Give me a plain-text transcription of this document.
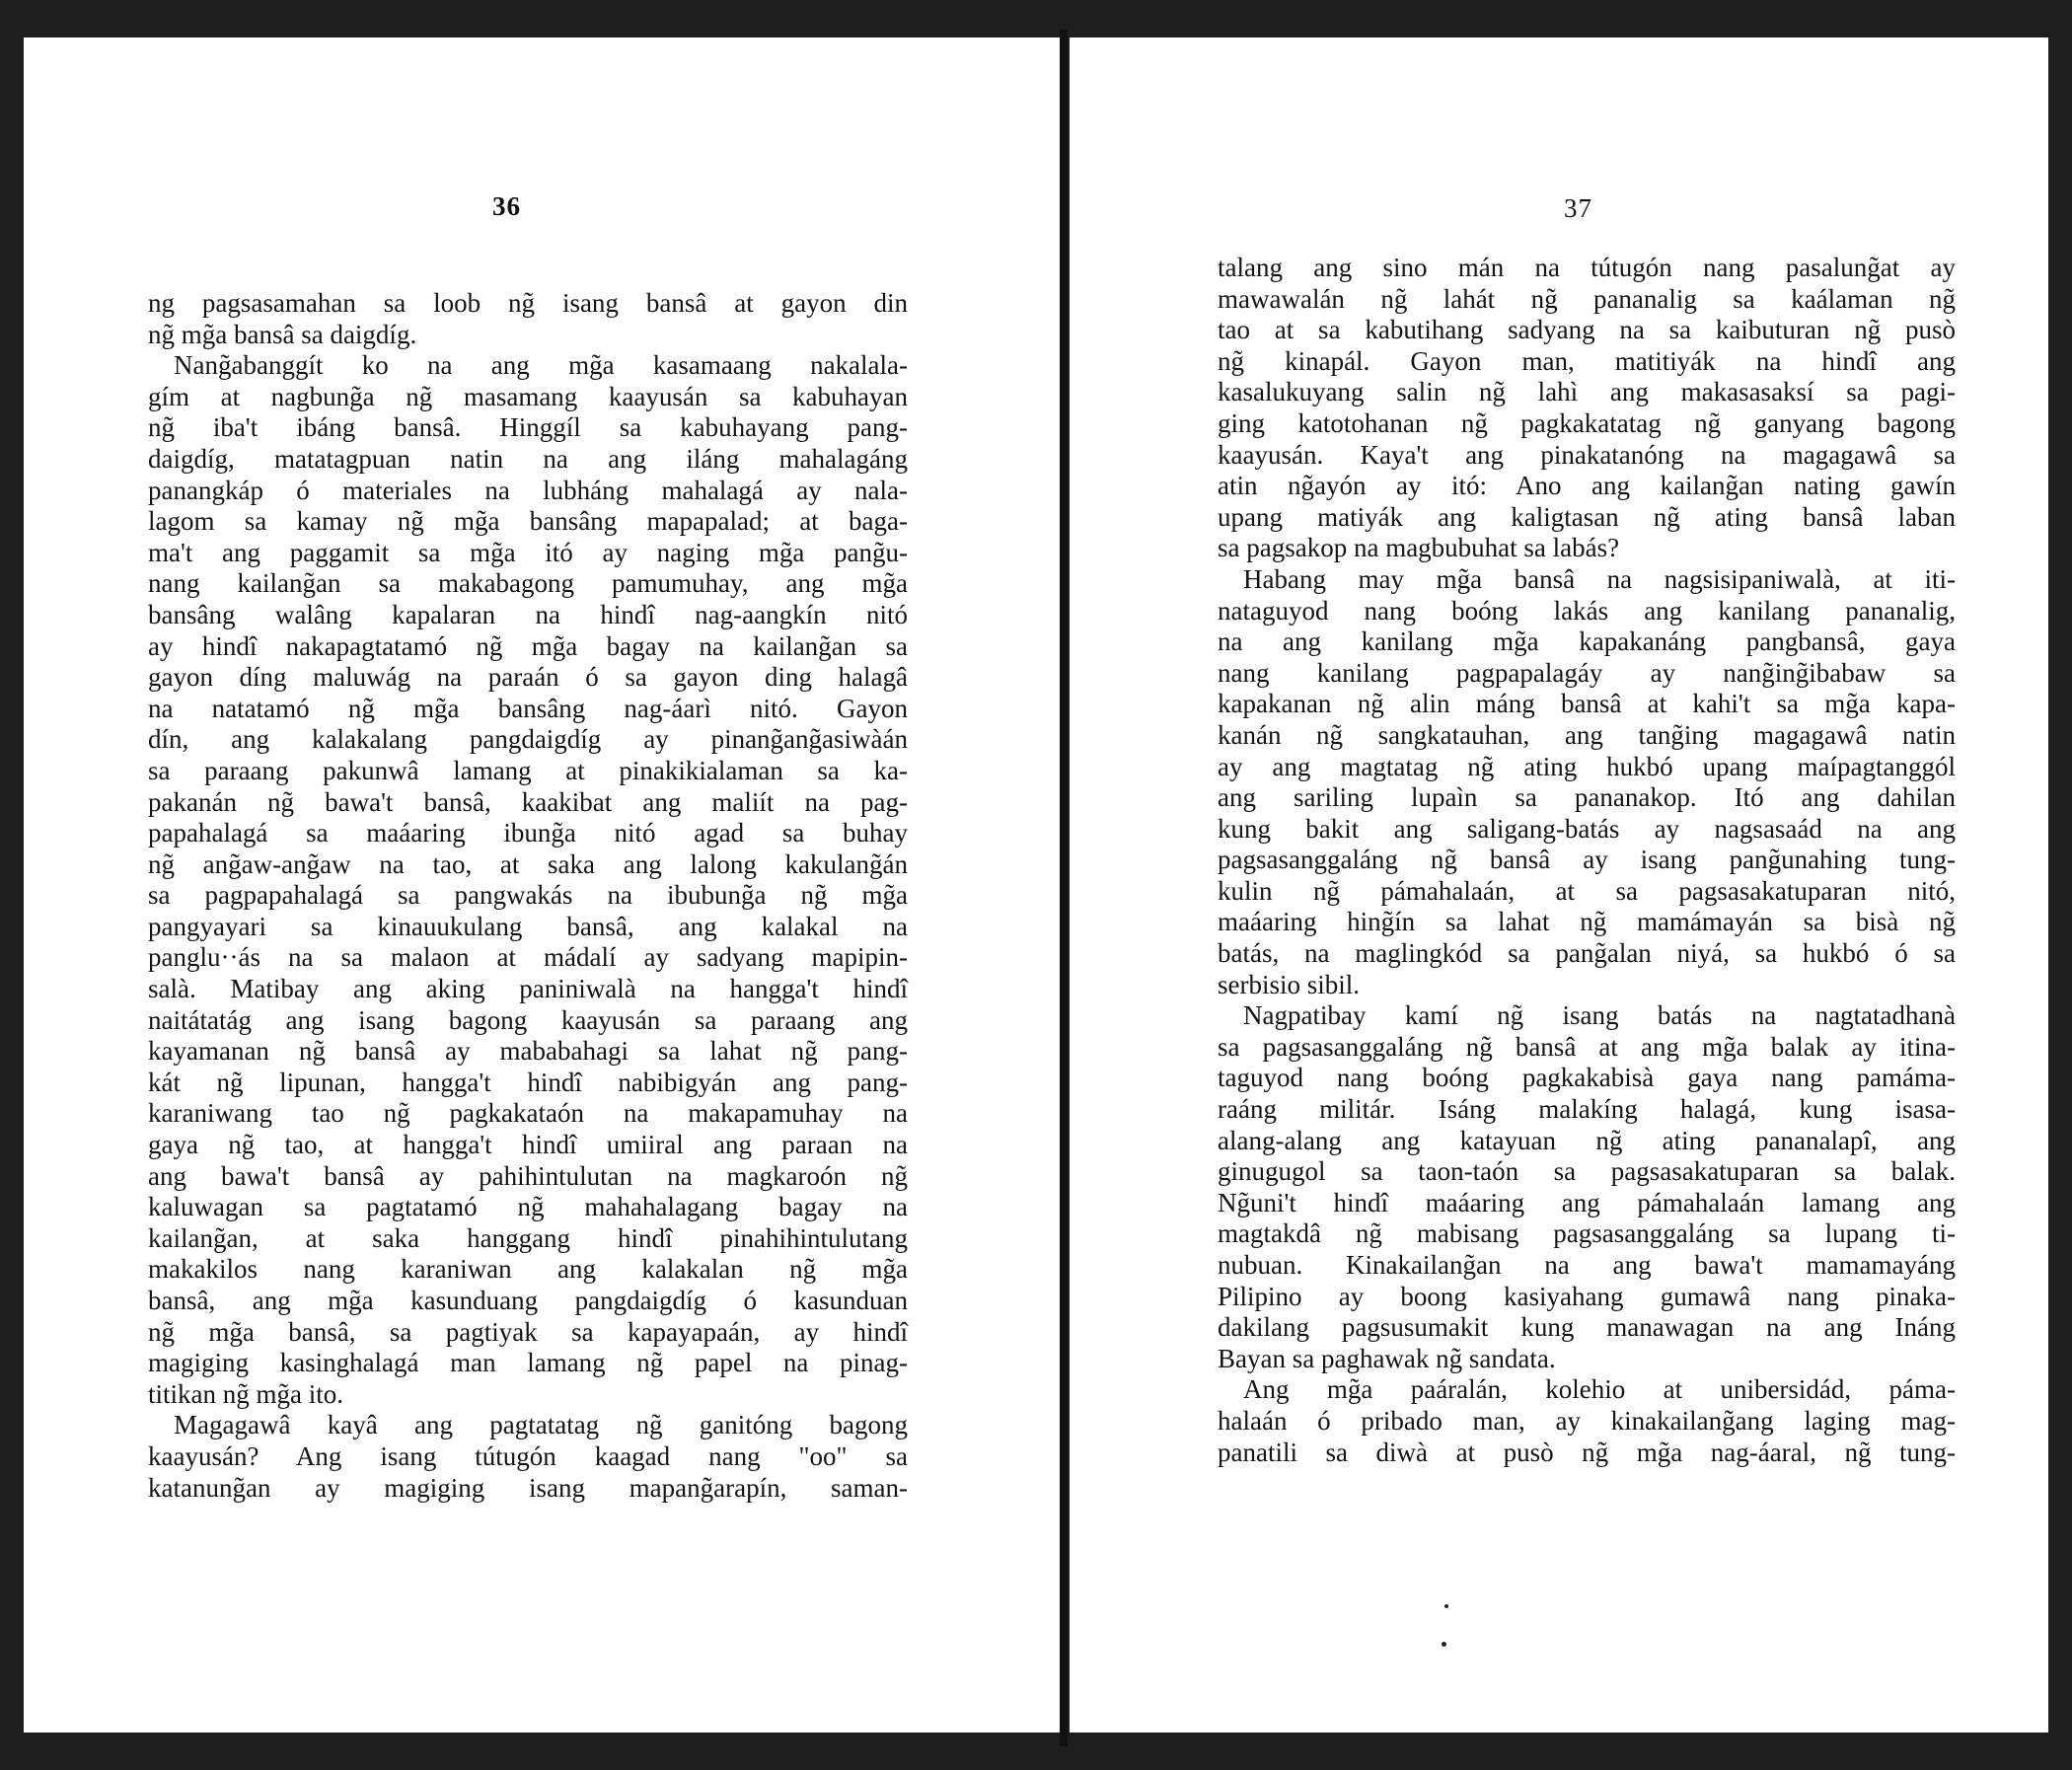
36
ng pagsasamahan sa loob ng̃ isang bansâ at gayon din
ng̃ mg̃a bansâ sa daigdíg.
Nang̃abanggít ko na ang mg̃a kasamaang nakalala-
gím at nagbung̃a ng̃ masamang kaayusán sa kabuhayan
ng̃ iba't ibáng bansâ. Hinggíl sa kabuhayang pang-
daigdíg, matatagpuan natin na ang iláng mahalagáng
panangkáp ó materiales na lubháng mahalagá ay nala-
lagom sa kamay ng̃ mg̃a bansâng mapapalad; at baga-
ma't ang paggamit sa mg̃a itó ay naging mg̃a pang̃u-
nang kailang̃an sa makabagong pamumuhay, ang mg̃a
bansâng walâng kapalaran na hindî nag-aangkín nitó
ay hindî nakapagtatamó ng̃ mg̃a bagay na kailang̃an sa
gayon díng maluwág na paraán ó sa gayon ding halagâ
na natatamó ng̃ mg̃a bansâng nag-áarì nitó. Gayon
dín, ang kalakalang pangdaigdíg ay pinang̃ang̃asiwàán
sa paraang pakunwâ lamang at pinakikialaman sa ka-
pakanán ng̃ bawa't bansâ, kaakibat ang maliít na pag-
papahalagá sa maáaring ibung̃a nitó agad sa buhay
ng̃ ang̃aw-ang̃aw na tao, at saka ang lalong kakulang̃án
sa pagpapahalagá sa pangwakás na ibubung̃a ng̃ mg̃a
pangyayari sa kinauukulang bansâ, ang kalakal na
panglu··ás na sa malaon at mádalí ay sadyang mapipin-
salà. Matibay ang aking paniniwalà na hangga't hindî
naitátatág ang isang bagong kaayusán sa paraang ang
kayamanan ng̃ bansâ ay mababahagi sa lahat ng̃ pang-
kát ng̃ lipunan, hangga't hindî nabibigyán ang pang-
karaniwang tao ng̃ pagkakataón na makapamuhay na
gaya ng̃ tao, at hangga't hindî umiiral ang paraan na
ang bawa't bansâ ay pahihintulutan na magkaroón ng̃
kaluwagan sa pagtatamó ng̃ mahahalagang bagay na
kailang̃an, at saka hanggang hindî pinahihintulutang
makakilos nang karaniwan ang kalakalan ng̃ mg̃a
bansâ, ang mg̃a kasunduang pangdaigdíg ó kasunduan
ng̃ mg̃a bansâ, sa pagtiyak sa kapayapaán, ay hindî
magiging kasinghalagá man lamang ng̃ papel na pinag-
titikan ng̃ mg̃a ito.
Magagawâ kayâ ang pagtatatag ng̃ ganitóng bagong
kaayusán? Ang isang tútugón kaagad nang "oo" sa
katanung̃an ay magiging isang mapang̃arapín, saman-
37
talang ang sino mán na tútugón nang pasalung̃at ay
mawawalán ng̃ lahát ng̃ pananalig sa kaálaman ng̃
tao at sa kabutihang sadyang na sa kaibuturan ng̃ pusò
ng̃ kinapál. Gayon man, matitiyák na hindî ang
kasalukuyang salin ng̃ lahì ang makasasaksí sa pagi-
ging katotohanan ng̃ pagkakatatag ng̃ ganyang bagong
kaayusán. Kaya't ang pinakatanóng na magagawâ sa
atin ng̃ayón ay itó: Ano ang kailang̃an nating gawín
upang matiyák ang kaligtasan ng̃ ating bansâ laban
sa pagsakop na magbubuhat sa labás?
Habang may mg̃a bansâ na nagsisipaniwalà, at iti-
nataguyod nang boóng lakás ang kanilang pananalig,
na ang kanilang mg̃a kapakanáng pangbansâ, gaya
nang kanilang pagpapalagáy ay nang̃ing̃ibabaw sa
kapakanan ng̃ alin máng bansâ at kahi't sa mg̃a kapa-
kanán ng̃ sangkatauhan, ang tang̃ing magagawâ natin
ay ang magtatag ng̃ ating hukbó upang maípagtanggól
ang sariling lupaìn sa pananakop. Itó ang dahilan
kung bakit ang saligang-batás ay nagsasaád na ang
pagsasanggaláng ng̃ bansâ ay isang pang̃unahing tung-
kulin ng̃ pámahalaán, at sa pagsasakatuparan nitó,
maáaring hing̃ín sa lahat ng̃ mamámayán sa bisà ng̃
batás, na maglingkód sa pang̃alan niyá, sa hukbó ó sa
serbisio sibil.
Nagpatibay kamí ng̃ isang batás na nagtatadhanà
sa pagsasanggaláng ng̃ bansâ at ang mg̃a balak ay itina-
taguyod nang boóng pagkakabisà gaya nang pamáma-
raáng militár. Isáng malakíng halagá, kung isasa-
alang-alang ang katayuan ng̃ ating pananalapî, ang
ginugugol sa taon-taón sa pagsasakatuparan sa balak.
Ng̃uni't hindî maáaring ang pámahalaán lamang ang
magtakdâ ng̃ mabisang pagsasanggaláng sa lupang ti-
nubuan. Kinakailang̃an na ang bawa't mamamayáng
Pilipino ay boong kasiyahang gumawâ nang pinaka-
dakilang pagsusumakit kung manawagan na ang Ináng
Bayan sa paghawak ng̃ sandata.
Ang mg̃a paáralán, kolehio at unibersidád, páma-
halaán ó pribado man, ay kinakailang̃ang laging mag-
panatili sa diwà at pusò ng̃ mg̃a nag-áaral, ng̃ tung-
